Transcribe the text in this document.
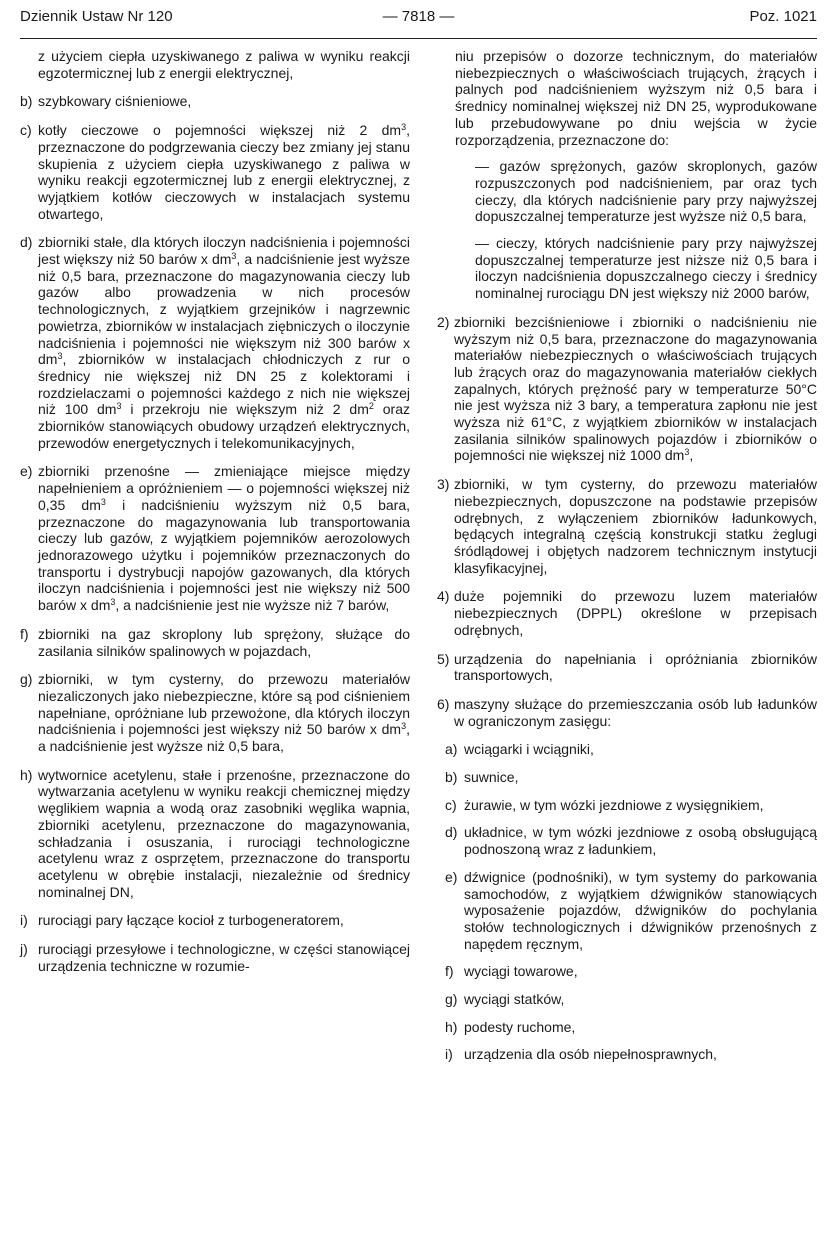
Dziennik Ustaw Nr 120	— 7818 —	Poz. 1021
z użyciem ciepła uzyskiwanego z paliwa w wyniku reakcji egzotermicznej lub z energii elektrycznej,
b) szybkowary ciśnieniowe,
c) kotły cieczowe o pojemności większej niż 2 $dm^3$, przeznaczone do podgrzewania cieczy bez zmiany jej stanu skupienia z użyciem ciepła uzyskiwanego z paliwa w wyniku reakcji egzotermicznej lub z energii elektrycznej, z wyjątkiem kotłów cieczowych w instalacjach systemu otwartego,
d) zbiorniki stałe, dla których iloczyn nadciśnienia i pojemności jest większy niż 50 barów x $dm^3$, a nadciśnienie jest wyższe niż 0,5 bara, przeznaczone do magazynowania cieczy lub gazów albo prowadzenia w nich procesów technologicznych, z wyjątkiem grzejników i nagrzewnic powietrza, zbiorników w instalacjach ziębniczych o iloczynie nadciśnienia i pojemności nie większym niż 300 barów x $dm^3$, zbiorników w instalacjach chłodniczych z rur o średnicy nie większej niż DN 25 z kolektorami i rozdzielaczami o pojemności każdego z nich nie większej niż 100 $dm^3$ i przekroju nie większym niż 2 $dm^2$ oraz zbiorników stanowiących obudowy urządzeń elektrycznych, przewodów energetycznych i telekomunikacyjnych,
e) zbiorniki przenośne — zmieniające miejsce między napełnieniem a opróżnieniem — o pojemności większej niż 0,35 $dm^3$ i nadciśnieniu wyższym niż 0,5 bara, przeznaczone do magazynowania lub transportowania cieczy lub gazów, z wyjątkiem pojemników aerozolowych jednorazowego użytku i pojemników przeznaczonych do transportu i dystrybucji napojów gazowanych, dla których iloczyn nadciśnienia i pojemności jest nie większy niż 500 barów x $dm^3$, a nadciśnienie jest nie wyższe niż 7 barów,
f) zbiorniki na gaz skroplony lub sprężony, służące do zasilania silników spalinowych w pojazdach,
g) zbiorniki, w tym cysterny, do przewozu materiałów niezaliczonych jako niebezpieczne, które są pod ciśnieniem napełniane, opróżniane lub przewożone, dla których iloczyn nadciśnienia i pojemności jest większy niż 50 barów x $dm^3$, a nadciśnienie jest wyższe niż 0,5 bara,
h) wytwornice acetylenu, stałe i przenośne, przeznaczone do wytwarzania acetylenu w wyniku reakcji chemicznej między węglikiem wapnia a wodą oraz zasobniki węglika wapnia, zbiorniki acetylenu, przeznaczone do magazynowania, schładzania i osuszania, i rurociągi technologiczne acetylenu wraz z osprzętem, przeznaczone do transportu acetylenu w obrębie instalacji, niezależnie od średnicy nominalnej DN,
i) rurociągi pary łączące kocioł z turbogeneratorem,
j) rurociągi przesyłowe i technologiczne, w części stanowiącej urządzenia techniczne w rozumie-
niu przepisów o dozorze technicznym, do materiałów niebezpiecznych o właściwościach trujących, żrących i palnych pod nadciśnieniem wyższym niż 0,5 bara i średnicy nominalnej większej niż DN 25, wyprodukowane lub przebudowywane po dniu wejścia w życie rozporządzenia, przeznaczone do:
— gazów sprężonych, gazów skroplonych, gazów rozpuszczonych pod nadciśnieniem, par oraz tych cieczy, dla których nadciśnienie pary przy najwyższej dopuszczalnej temperaturze jest wyższe niż 0,5 bara,
— cieczy, których nadciśnienie pary przy najwyższej dopuszczalnej temperaturze jest niższe niż 0,5 bara i iloczyn nadciśnienia dopuszczalnego cieczy i średnicy nominalnej rurociągu DN jest większy niż 2000 barów,
2) zbiorniki bezciśnieniowe i zbiorniki o nadciśnieniu nie wyższym niż 0,5 bara, przeznaczone do magazynowania materiałów niebezpiecznych o właściwościach trujących lub żrących oraz do magazynowania materiałów ciekłych zapalnych, których prężność pary w temperaturze 50°C nie jest wyższa niż 3 bary, a temperatura zapłonu nie jest wyższa niż 61°C, z wyjątkiem zbiorników w instalacjach zasilania silników spalinowych pojazdów i zbiorników o pojemności nie większej niż 1000 $dm^3$,
3) zbiorniki, w tym cysterny, do przewozu materiałów niebezpiecznych, dopuszczone na podstawie przepisów odrębnych, z wyłączeniem zbiorników ładunkowych, będących integralną częścią konstrukcji statku żeglugi śródlądowej i objętych nadzorem technicznym instytucji klasyfikacyjnej,
4) duże pojemniki do przewozu luzem materiałów niebezpiecznych (DPPL) określone w przepisach odrębnych,
5) urządzenia do napełniania i opróżniania zbiorników transportowych,
6) maszyny służące do przemieszczania osób lub ładunków w ograniczonym zasięgu:
a) wciągarki i wciągniki,
b) suwnice,
c) żurawie, w tym wózki jezdniowe z wysięgnikiem,
d) układnice, w tym wózki jezdniowe z osobą obsługującą podnoszoną wraz z ładunkiem,
e) dźwignice (podnośniki), w tym systemy do parkowania samochodów, z wyjątkiem dźwigników stanowiących wyposażenie pojazdów, dźwigników do pochylania stołów technologicznych i dźwigników przenośnych z napędem ręcznym,
f) wyciągi towarowe,
g) wyciągi statków,
h) podesty ruchome,
i) urządzenia dla osób niepełnosprawnych,
